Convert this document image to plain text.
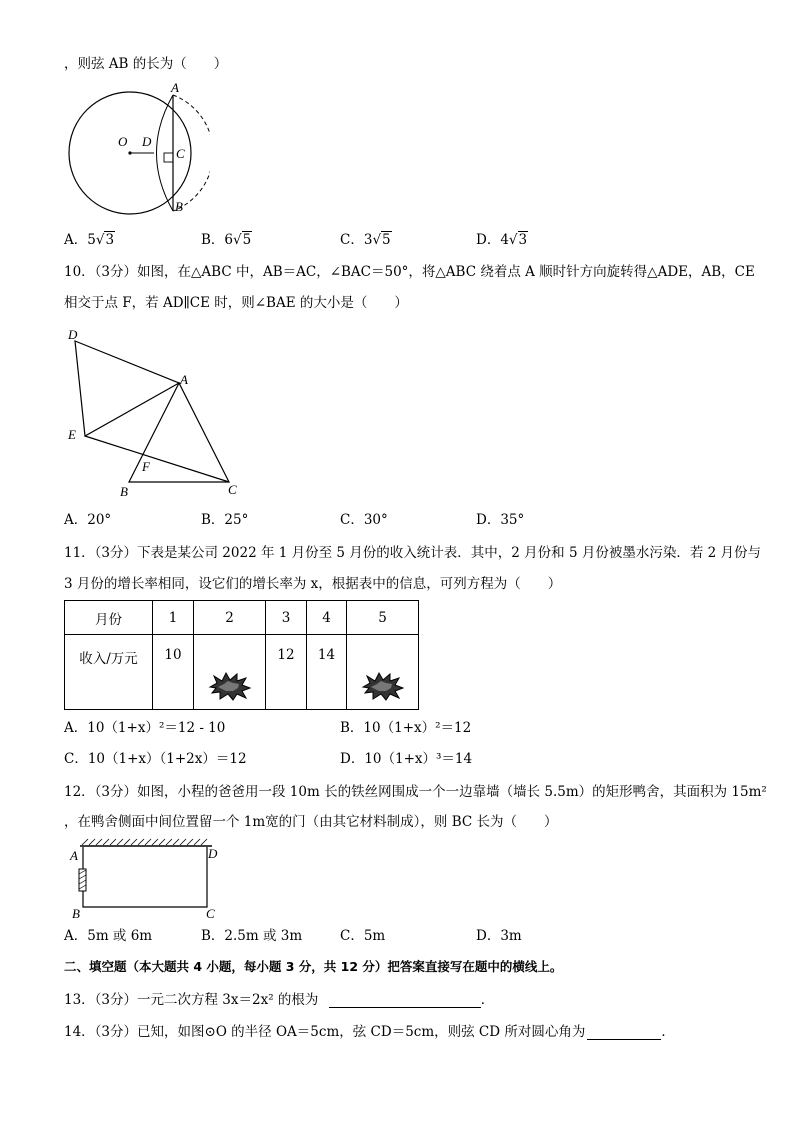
，则弦 AB 的长为（　　）
O D
C
A
B
A．5√3	B．6√5	C．3√5	D．4√3
10．（3分）如图，在△ABC 中，AB＝AC，∠BAC＝50°，将△ABC 绕着点 A 顺时针方向旋转得△ADE，AB，CE
相交于点 F，若 AD∥CE 时，则∠BAE 的大小是（　　）
D
A
E
F
B	C
A．20°	B．25°	C．30°	D．35°
11．（3分）下表是某公司 2022 年 1 月份至 5 月份的收入统计表．其中，2 月份和 5 月份被墨水污染．若 2 月份与
3 月份的增长率相同，设它们的增长率为 x，根据表中的信息，可列方程为（　　）
月份	1	2	3	4	5
收入/万元	10		12	14	
A．10（1+x）²＝12 - 10	B．10（1+x）²＝12
C．10（1+x）（1+2x）＝12	D．10（1+x）³＝14
12．（3分）如图，小程的爸爸用一段 10m 长的铁丝网围成一个一边靠墙（墙长 5.5m）的矩形鸭舍，其面积为 15m²
，在鸭舍侧面中间位置留一个 1m宽的门（由其它材料制成），则 BC 长为（　　）
A	D
B	C
A．5m 或 6m	B．2.5m 或 3m	C．5m	D．3m
二、填空题（本大题共 4 小题，每小题 3 分，共 12 分）把答案直接写在题中的横线上。
13．（3分）一元二次方程 3x＝2x² 的根为	．
14．（3分）已知，如图⊙O 的半径 OA＝5cm，弦 CD＝5cm，则弦 CD 所对圆心角为	．
